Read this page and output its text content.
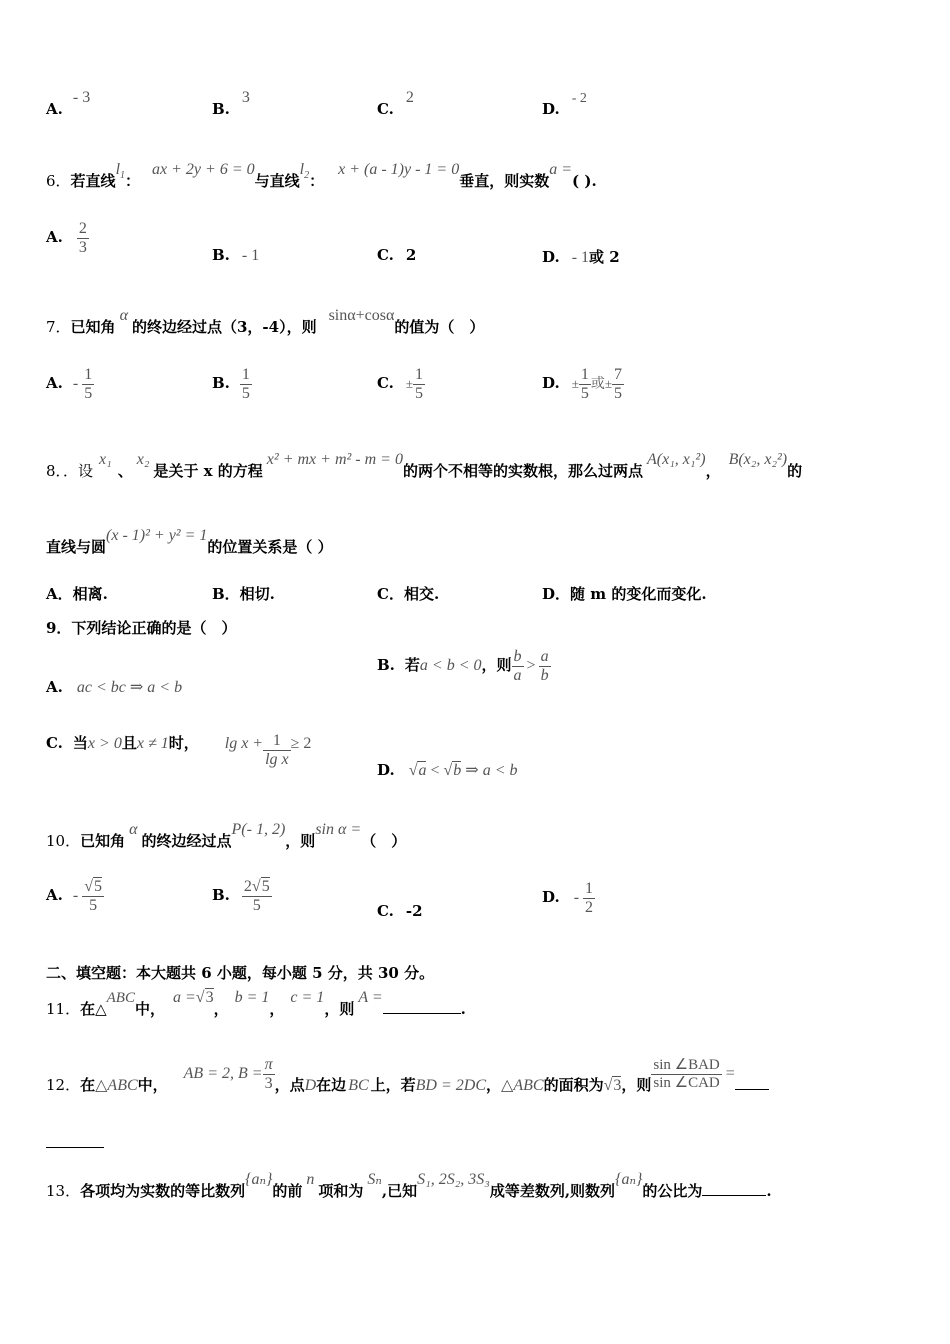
A.- 3
B.3
C.2
D.- 2
6．若直线$l_1$：ax + 2y + 6 = 0与直线$l_2$：x + (a - 1)y - 1 = 0垂直，则实数a =( ).
A. $\frac{2}{3}$	B. - 1	C. 2	D. - 1或 2
7．已知角α的终边经过点（3，-4），则sinα+cosα的值为（　）
A. - $\frac{1}{5}$	B. $\frac{1}{5}$	C. ± $\frac{1}{5}$	D. ± $\frac{1}{5}$ 或± $\frac{7}{5}$
8．．设x₁、x₂是关于 x 的方程x² + mx + m² - m = 0的两个不相等的实数根，那么过两点A(x₁, x₁²)，B(x₂, x₂²)的
直线与圆(x - 1)² + y² = 1的位置关系是（ ）
A．相离.	B．相切.	C．相交.	D．随 m 的变化而变化.
9．下列结论正确的是（　）
A. ac < bc ⇒ a < b
B. 若a < b < 0，则 $\frac{b}{a} > \frac{a}{b}$
C. 当x > 0且x ≠ 1时， $\lg x + \frac{1}{\text{lg x}} \ge 2$
D. √a < √b ⇒ a < b
10．已知角α的终边经过点P(- 1, 2)，则sin α =（　）
A. - $\frac{√5}{5}$	B. $\frac{2√5}{5}$	C. -2
D. - $\frac{1}{2}$
二、填空题：本大题共 6 小题，每小题 5 分，共 30 分。
11．在△ABC中，a =√3，b = 1，c = 1，则A =.
12．在△ABC中，AB = 2, $B = \frac{\pi}{3}$ ，点D在边 BC 上，若BD = 2DC，△ABC的面积为√3，则 $\frac{\text{sin ∠BAD}}{\text{sin ∠CAD}}$ =
13．各项均为实数的等比数列{aₙ}的前n项和为Sₙ,已知S₁, 2S₂, 3S₃成等差数列,则数列{aₙ}的公比为	.
